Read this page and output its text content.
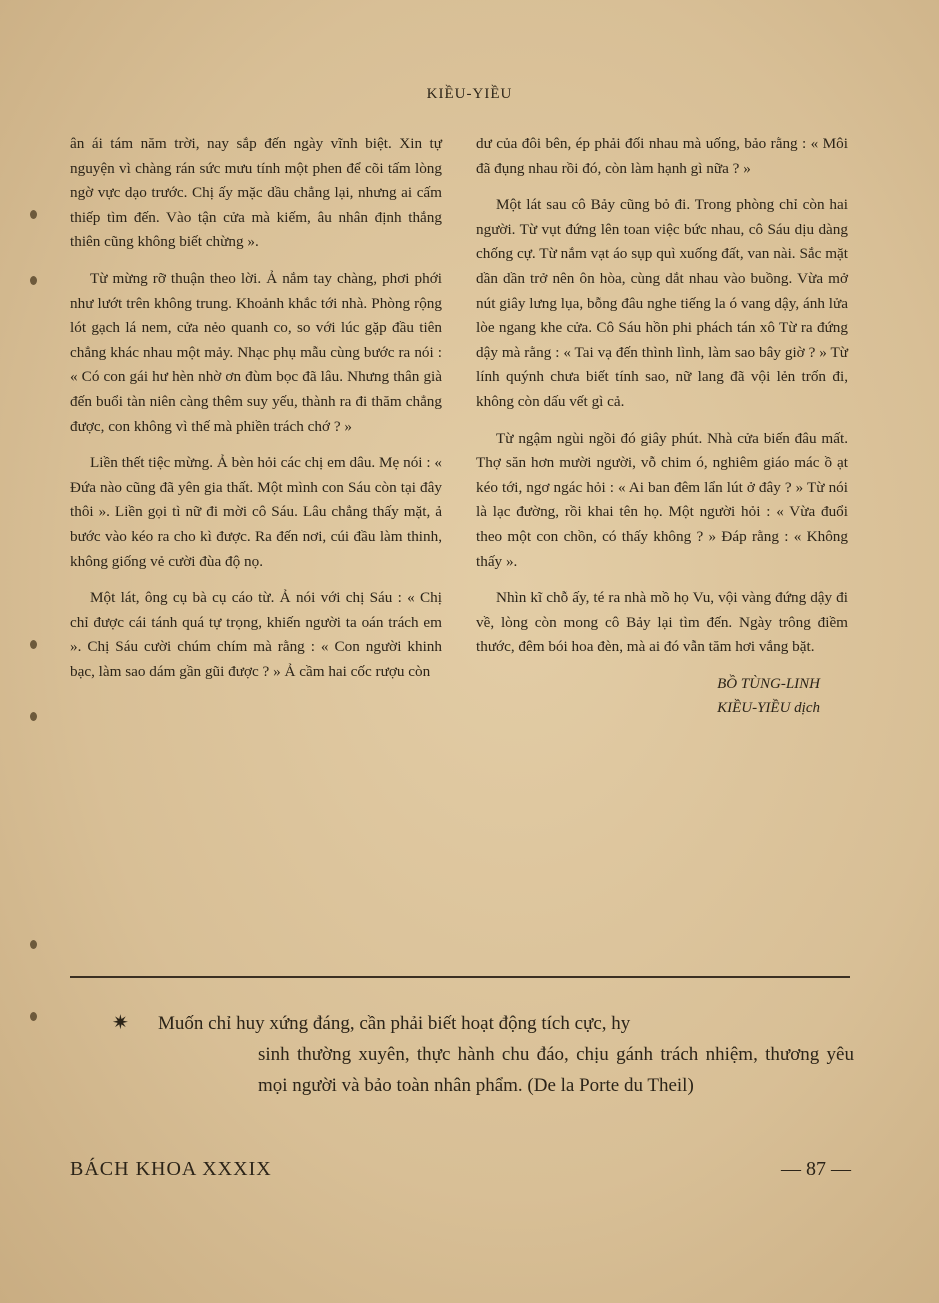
KIỀU-YIỀU

ân ái tám năm trời, nay sắp đến ngày vĩnh biệt. Xin tự nguyện vì chàng rán sức mưu tính một phen để cõi tấm lòng ngờ vực dạo trước. Chị ấy mặc dầu chẳng lại, nhưng ai cấm thiếp tìm đến. Vào tận cửa mà kiếm, âu nhân định thắng thiên cũng không biết chừng ».

Từ mừng rỡ thuận theo lời. Ả nắm tay chàng, phơi phới như lướt trên không trung. Khoảnh khắc tới nhà. Phòng rộng lót gạch lá nem, cửa nẻo quanh co, so với lúc gặp đầu tiên chẳng khác nhau một mảy. Nhạc phụ mẫu cùng bước ra nói : « Có con gái hư hèn nhờ ơn đùm bọc đã lâu. Nhưng thân già đến buổi tàn niên càng thêm suy yếu, thành ra đi thăm chẳng được, con không vì thế mà phiền trách chớ ? »

Liền thết tiệc mừng. Ả bèn hỏi các chị em dâu. Mẹ nói : « Đứa nào cũng đã yên gia thất. Một mình con Sáu còn tại đây thôi ». Liền gọi tì nữ đi mời cô Sáu. Lâu chẳng thấy mặt, ả bước vào kéo ra cho kì được. Ra đến nơi, cúi đầu làm thinh, không giống vẻ cười đùa độ nọ.

Một lát, ông cụ bà cụ cáo từ. Ả nói với chị Sáu : « Chị chỉ được cái tánh quá tự trọng, khiến người ta oán trách em ». Chị Sáu cười chúm chím mà rằng : « Con người khinh bạc, làm sao dám gần gũi được ? » Ả cầm hai cốc rượu còn

dư của đôi bên, ép phải đối nhau mà uống, bảo rằng : « Môi đã đụng nhau rồi đó, còn làm hạnh gì nữa ? »

Một lát sau cô Bảy cũng bỏ đi. Trong phòng chỉ còn hai người. Từ vụt đứng lên toan việc bức nhau, cô Sáu dịu dàng chống cự. Từ nắm vạt áo sụp quì xuống đất, van nài. Sắc mặt dần dần trở nên ôn hòa, cùng dắt nhau vào buồng. Vừa mở nút giây lưng lụa, bỗng đâu nghe tiếng la ó vang dậy, ánh lửa lòe ngang khe cửa. Cô Sáu hồn phi phách tán xô Từ ra đứng dậy mà rằng : « Tai vạ đến thình lình, làm sao bây giờ ? » Từ lính quýnh chưa biết tính sao, nữ lang đã vội lẻn trốn đi, không còn dấu vết gì cả.

Từ ngậm ngùi ngồi đó giây phút. Nhà cửa biến đâu mất. Thợ săn hơn mười người, vỗ chim ó, nghiêm giáo mác ồ ạt kéo tới, ngơ ngác hỏi : « Ai ban đêm lẩn lút ở đây ? » Từ nói là lạc đường, rồi khai tên họ. Một người hỏi : « Vừa đuổi theo một con chồn, có thấy không ? » Đáp rằng : « Không thấy ».

Nhìn kĩ chỗ ấy, té ra nhà mồ họ Vu, vội vàng đứng dậy đi về, lòng còn mong cô Bảy lại tìm đến. Ngày trông điềm thước, đêm bói hoa đèn, mà ai đó vẫn tăm hơi vắng bặt.

BỒ TÙNG-LINH
KIỀU-YIỀU dịch
✷	Muốn chỉ huy xứng đáng, cần phải biết hoạt động tích cực, hy
sinh thường xuyên, thực hành chu đáo, chịu gánh trách nhiệm, thương yêu mọi người và bảo toàn nhân phẩm. (De la Porte du Theil)
BÁCH KHOA XXXIX	— 87 —
